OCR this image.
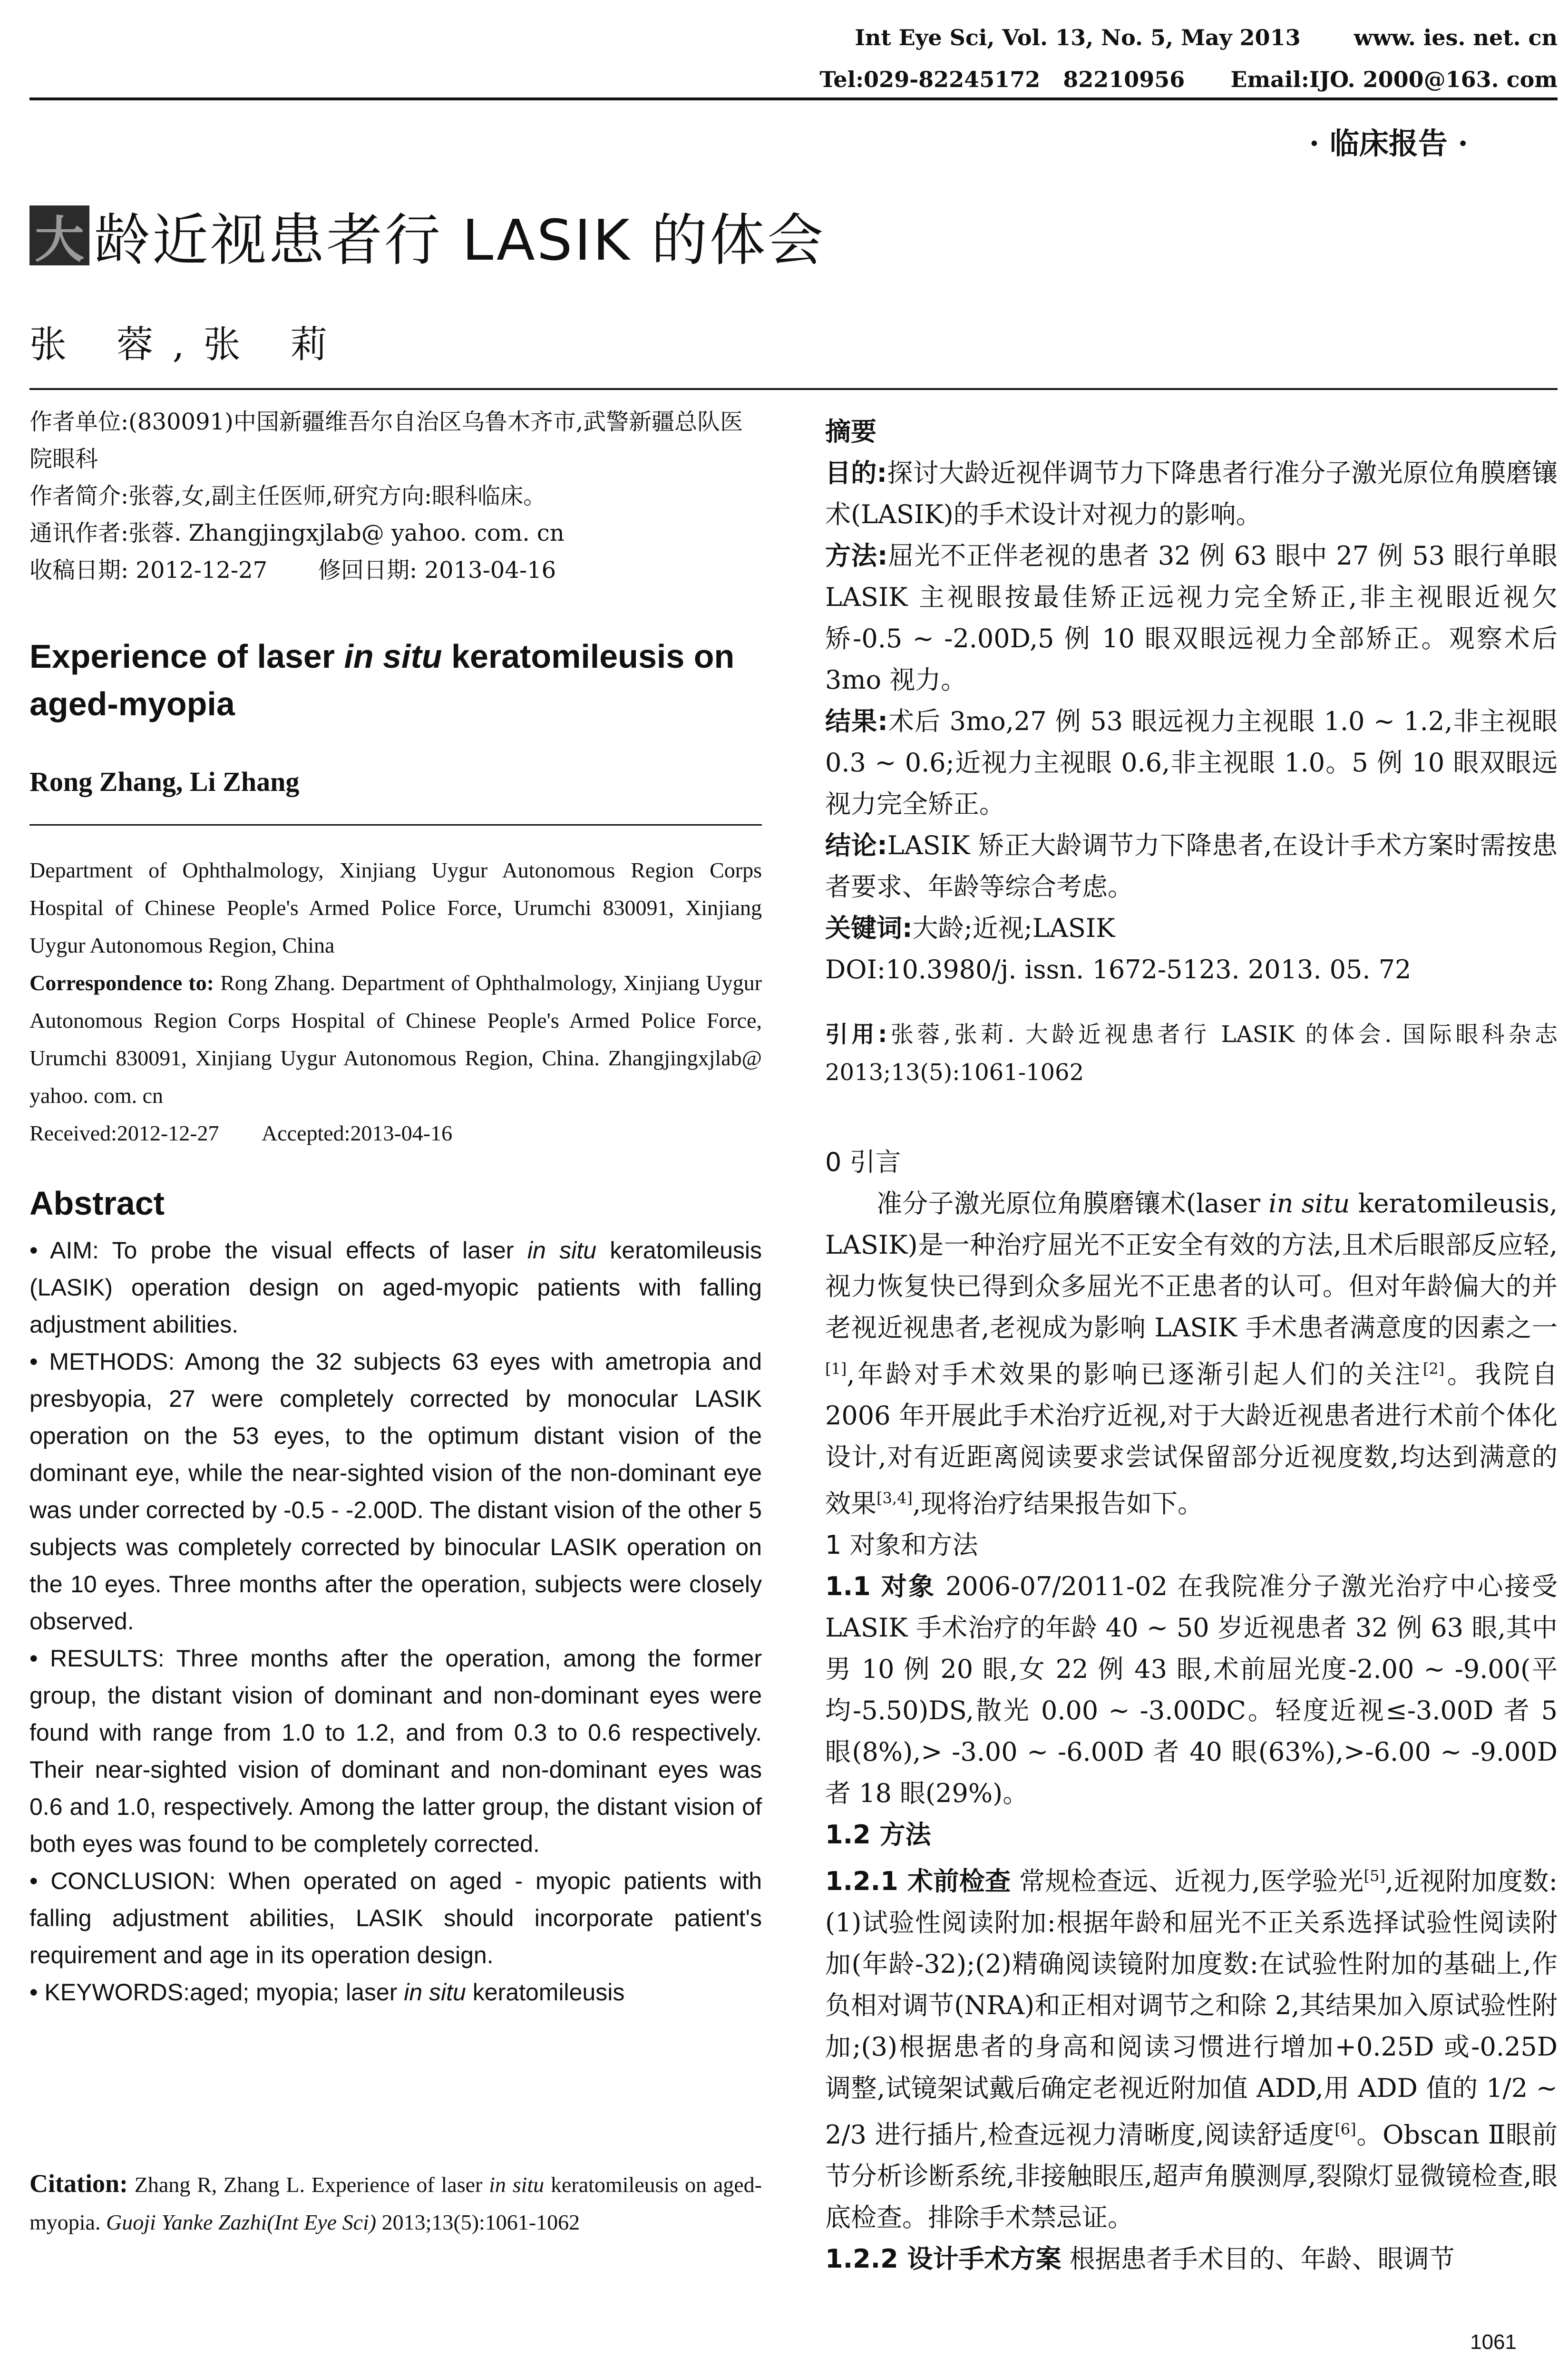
Int Eye Sci, Vol. 13, No. 5, May 2013       www. ies. net. cn
Tel:029-82245172   82210956      Email:IJO. 2000@163. com
· 临床报告 ·
大 龄近视患者行 LASIK 的体会
张 蓉,张 莉
作者单位:(830091)中国新疆维吾尔自治区乌鲁木齐市,武警新疆总队医院眼科
作者简介:张蓉,女,副主任医师,研究方向:眼科临床。
通讯作者:张蓉. Zhangjingxjlab@ yahoo. com. cn
收稿日期: 2012-12-27       修回日期: 2013-04-16
Experience of laser in situ keratomileusis on aged-myopia
Rong Zhang, Li Zhang
Department of Ophthalmology, Xinjiang Uygur Autonomous Region Corps Hospital of Chinese People's Armed Police Force, Urumchi 830091, Xinjiang Uygur Autonomous Region, China
Correspondence to: Rong Zhang. Department of Ophthalmology, Xinjiang Uygur Autonomous Region Corps Hospital of Chinese People's Armed Police Force, Urumchi 830091, Xinjiang Uygur Autonomous Region, China. Zhangjingxjlab@ yahoo. com. cn
Received:2012-12-27        Accepted:2013-04-16
Abstract

• AIM: To probe the visual effects of laser in situ keratomileusis (LASIK) operation design on aged-myopic patients with falling adjustment abilities.

• METHODS: Among the 32 subjects 63 eyes with ametropia and presbyopia, 27 were completely corrected by monocular LASIK operation on the 53 eyes, to the optimum distant vision of the dominant eye, while the near-sighted vision of the non-dominant eye was under corrected by -0.5 - -2.00D. The distant vision of the other 5 subjects was completely corrected by binocular LASIK operation on the 10 eyes. Three months after the operation, subjects were closely observed.

• RESULTS: Three months after the operation, among the former group, the distant vision of dominant and non-dominant eyes were found with range from 1.0 to 1.2, and from 0.3 to 0.6 respectively. Their near-sighted vision of dominant and non-dominant eyes was 0.6 and 1.0, respectively. Among the latter group, the distant vision of both eyes was found to be completely corrected.

• CONCLUSION: When operated on aged - myopic patients with falling adjustment abilities, LASIK should incorporate patient's requirement and age in its operation design.

• KEYWORDS:aged; myopia; laser in situ keratomileusis

Citation: Zhang R, Zhang L. Experience of laser in situ keratomileusis on aged-myopia. Guoji Yanke Zazhi(Int Eye Sci) 2013;13(5):1061-1062

摘要

目的:探讨大龄近视伴调节力下降患者行准分子激光原位角膜磨镶术(LASIK)的手术设计对视力的影响。

方法:屈光不正伴老视的患者 32 例 63 眼中 27 例 53 眼行单眼 LASIK 主视眼按最佳矫正远视力完全矫正,非主视眼近视欠矫-0.5 ~ -2.00D,5 例 10 眼双眼远视力全部矫正。观察术后 3mo 视力。

结果:术后 3mo,27 例 53 眼远视力主视眼 1.0 ~ 1.2,非主视眼 0.3 ~ 0.6;近视力主视眼 0.6,非主视眼 1.0。5 例 10 眼双眼远视力完全矫正。

结论:LASIK 矫正大龄调节力下降患者,在设计手术方案时需按患者要求、年龄等综合考虑。

关键词:大龄;近视;LASIK

DOI:10.3980/j. issn. 1672-5123. 2013. 05. 72

引用:张蓉,张莉. 大龄近视患者行 LASIK 的体会. 国际眼科杂志 2013;13(5):1061-1062

0 引言

准分子激光原位角膜磨镶术(laser in situ keratomileusis, LASIK)是一种治疗屈光不正安全有效的方法,且术后眼部反应轻,视力恢复快已得到众多屈光不正患者的认可。但对年龄偏大的并老视近视患者,老视成为影响 LASIK 手术患者满意度的因素之一[1],年龄对手术效果的影响已逐渐引起人们的关注[2]。我院自 2006 年开展此手术治疗近视,对于大龄近视患者进行术前个体化设计,对有近距离阅读要求尝试保留部分近视度数,均达到满意的效果[3,4],现将治疗结果报告如下。

1 对象和方法

1.1 对象 2006-07/2011-02 在我院准分子激光治疗中心接受 LASIK 手术治疗的年龄 40 ~ 50 岁近视患者 32 例 63 眼,其中男 10 例 20 眼,女 22 例 43 眼,术前屈光度-2.00 ~ -9.00(平均-5.50)DS,散光 0.00 ~ -3.00DC。轻度近视≤-3.00D 者 5 眼(8%),> -3.00 ~ -6.00D 者 40 眼(63%),>-6.00 ~ -9.00D 者 18 眼(29%)。

1.2 方法

1.2.1 术前检查 常规检查远、近视力,医学验光[5],近视附加度数:(1)试验性阅读附加:根据年龄和屈光不正关系选择试验性阅读附加(年龄-32);(2)精确阅读镜附加度数:在试验性附加的基础上,作负相对调节(NRA)和正相对调节之和除 2,其结果加入原试验性附加;(3)根据患者的身高和阅读习惯进行增加+0.25D 或-0.25D 调整,试镜架试戴后确定老视近附加值 ADD,用 ADD 值的 1/2 ~ 2/3 进行插片,检查远视力清晰度,阅读舒适度[6]。Obscan Ⅱ眼前节分析诊断系统,非接触眼压,超声角膜测厚,裂隙灯显微镜检查,眼底检查。排除手术禁忌证。

1.2.2 设计手术方案 根据患者手术目的、年龄、眼调节

1061
